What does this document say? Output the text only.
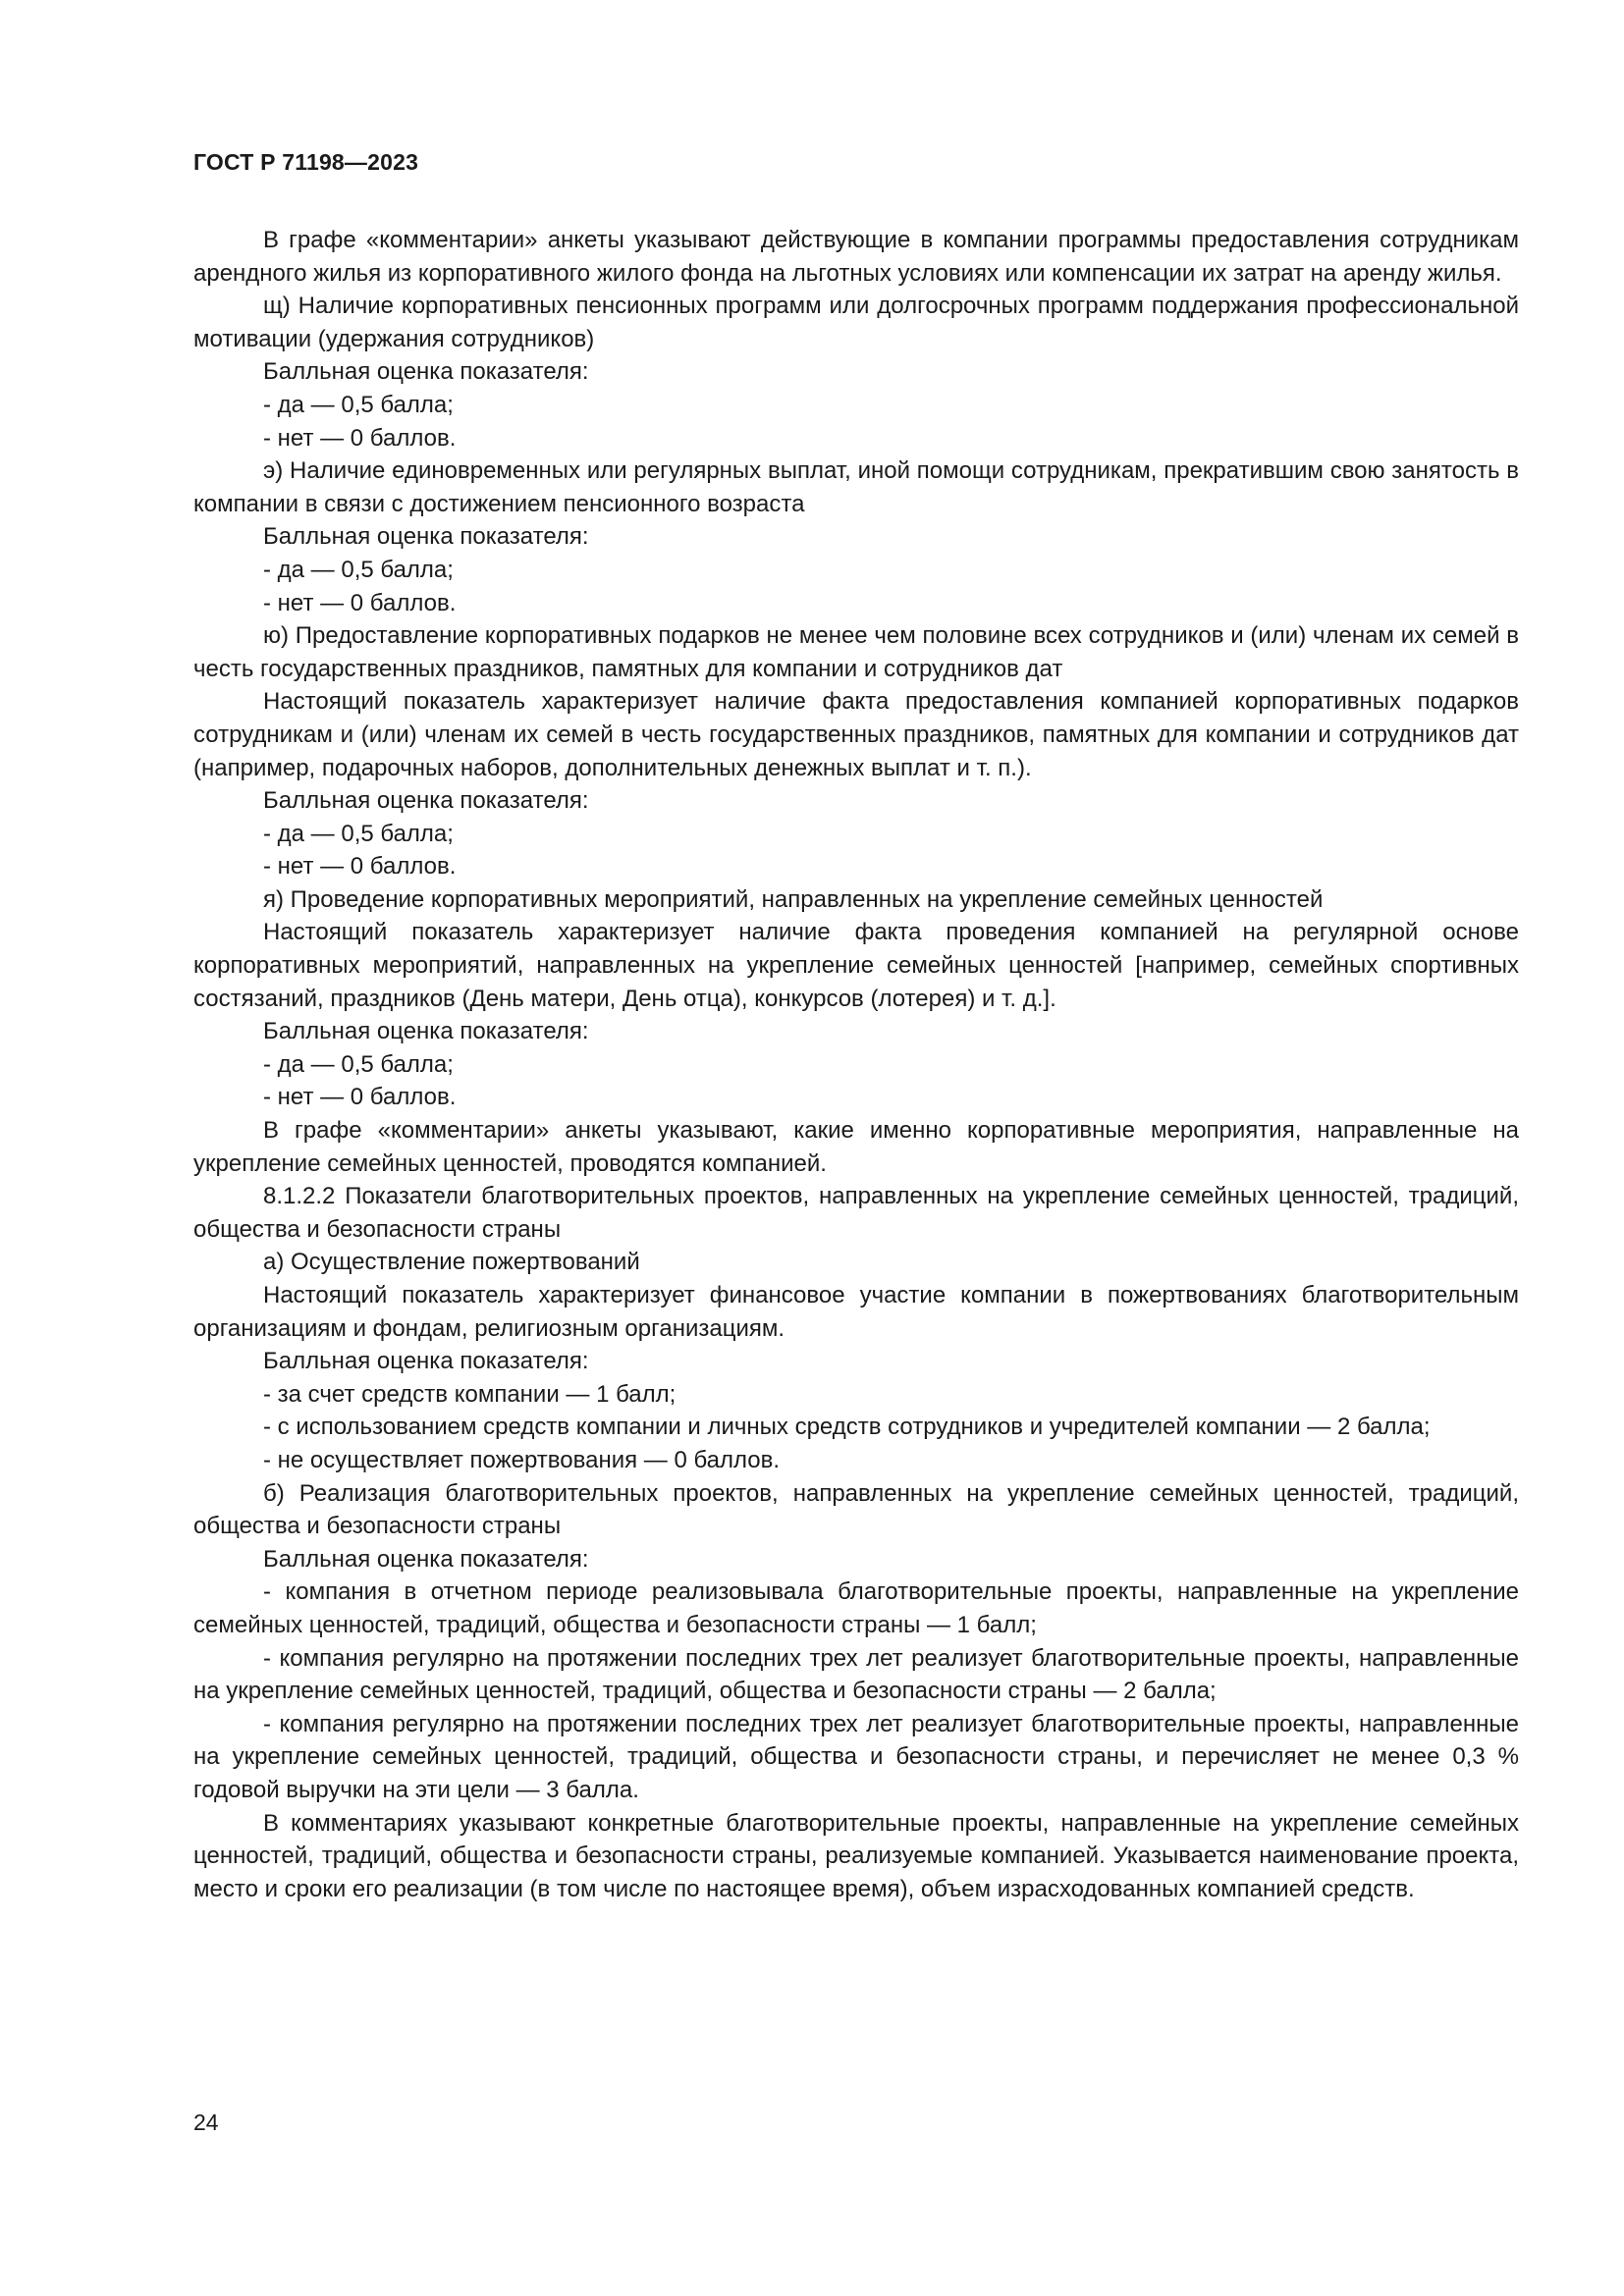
ГОСТ Р 71198—2023

В графе «комментарии» анкеты указывают действующие в компании программы предоставления сотрудникам арендного жилья из корпоративного жилого фонда на льготных условиях или компенсации их затрат на аренду жилья.

щ) Наличие корпоративных пенсионных программ или долгосрочных программ поддержания профессиональной мотивации (удержания сотрудников)

Балльная оценка показателя:

- да — 0,5 балла;

- нет — 0 баллов.

э) Наличие единовременных или регулярных выплат, иной помощи сотрудникам, прекратившим свою занятость в компании в связи с достижением пенсионного возраста

Балльная оценка показателя:

- да — 0,5 балла;

- нет — 0 баллов.

ю) Предоставление корпоративных подарков не менее чем половине всех сотрудников и (или) членам их семей в честь государственных праздников, памятных для компании и сотрудников дат

Настоящий показатель характеризует наличие факта предоставления компанией корпоративных подарков сотрудникам и (или) членам их семей в честь государственных праздников, памятных для компании и сотрудников дат (например, подарочных наборов, дополнительных денежных выплат и т. п.).

Балльная оценка показателя:

- да — 0,5 балла;

- нет — 0 баллов.

я) Проведение корпоративных мероприятий, направленных на укрепление семейных ценностей

Настоящий показатель характеризует наличие факта проведения компанией на регулярной основе корпоративных мероприятий, направленных на укрепление семейных ценностей [например, семейных спортивных состязаний, праздников (День матери, День отца), конкурсов (лотерея) и т. д.].

Балльная оценка показателя:

- да — 0,5 балла;

- нет — 0 баллов.

В графе «комментарии» анкеты указывают, какие именно корпоративные мероприятия, направленные на укрепление семейных ценностей, проводятся компанией.

8.1.2.2 Показатели благотворительных проектов, направленных на укрепление семейных ценностей, традиций, общества и безопасности страны

а) Осуществление пожертвований

Настоящий показатель характеризует финансовое участие компании в пожертвованиях благотворительным организациям и фондам, религиозным организациям.

Балльная оценка показателя:

- за счет средств компании — 1 балл;

- с использованием средств компании и личных средств сотрудников и учредителей компании — 2 балла;

- не осуществляет пожертвования — 0 баллов.

б) Реализация благотворительных проектов, направленных на укрепление семейных ценностей, традиций, общества и безопасности страны

Балльная оценка показателя:

- компания в отчетном периоде реализовывала благотворительные проекты, направленные на укрепление семейных ценностей, традиций, общества и безопасности страны — 1 балл;

- компания регулярно на протяжении последних трех лет реализует благотворительные проекты, направленные на укрепление семейных ценностей, традиций, общества и безопасности страны — 2 балла;

- компания регулярно на протяжении последних трех лет реализует благотворительные проекты, направленные на укрепление семейных ценностей, традиций, общества и безопасности страны, и перечисляет не менее 0,3 % годовой выручки на эти цели — 3 балла.

В комментариях указывают конкретные благотворительные проекты, направленные на укрепление семейных ценностей, традиций, общества и безопасности страны, реализуемые компанией. Указывается наименование проекта, место и сроки его реализации (в том числе по настоящее время), объем израсходованных компанией средств.

24
